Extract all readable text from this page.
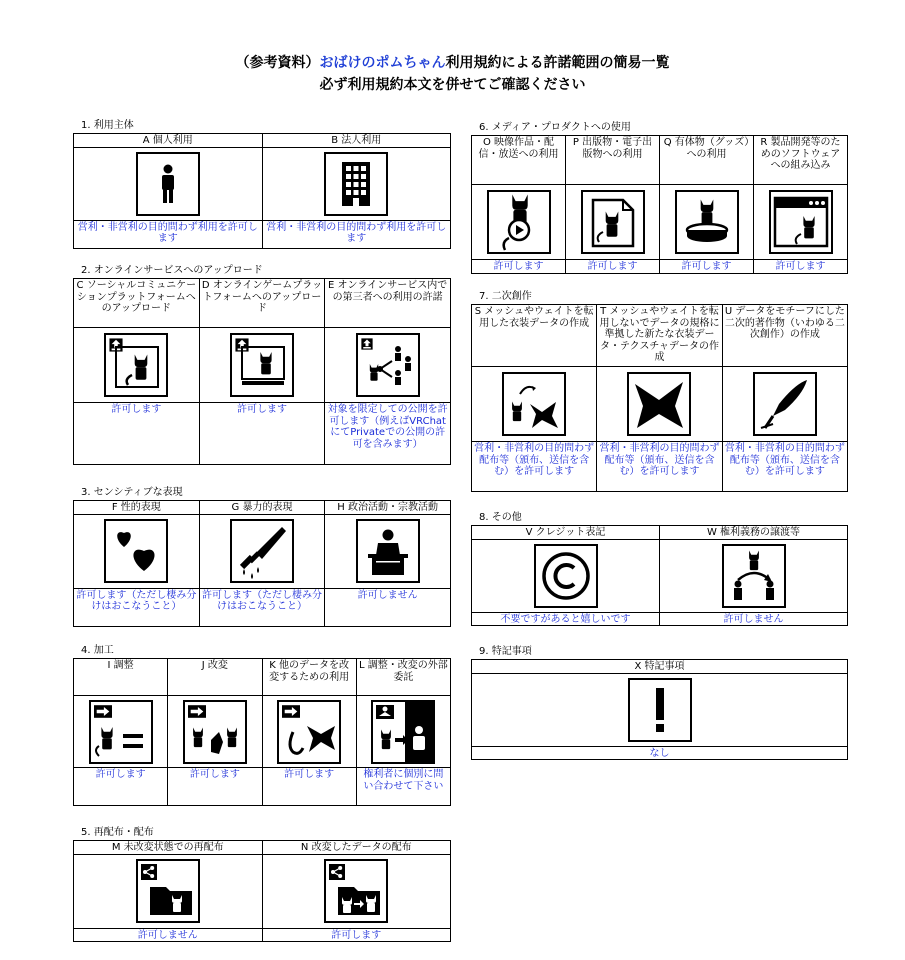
（参考資料）おばけのポムちゃん利用規約による許諾範囲の簡易一覧
必ず利用規約本文を併せてご確認ください
1. 利用主体
A 個人利用	B 法人利用

営利・非営利の目的問わず利用を許可します	営利・非営利の目的問わず利用を許可します
2. オンラインサービスへのアップロード
C ソーシャルコミュニケーションプラットフォームへのアップロード	D オンラインゲームプラットフォームへのアップロード	E オンラインサービス内での第三者への利用の許諾

許可します	許可します	対象を限定しての公開を許可します（例えばVRChatにてPrivateでの公開の許可を含みます）
3. センシティブな表現
F 性的表現	G 暴力的表現	H 政治活動・宗教活動

許可します（ただし棲み分けはおこなうこと）	許可します（ただし棲み分けはおこなうこと）	許可しません
4. 加工
I 調整	J 改変	K 他のデータを改変するための利用	L 調整・改変の外部委託

許可します	許可します	許可します	権利者に個別に問い合わせて下さい
5. 再配布・配布
M 未改変状態での再配布	N 改変したデータの配布

許可しません	許可します
6. メディア・プロダクトへの使用
O 映像作品・配信・放送への利用	P 出版物・電子出版物への利用	Q 有体物（グッズ）への利用	R 製品開発等のためのソフトウェアへの組み込み

許可します	許可します	許可します	許可します
7. 二次創作
S メッシュやウェイトを転用した衣装データの作成	T メッシュやウェイトを転用しないでデータの規格に準拠した新たな衣装データ・テクスチャデータの作成	U データをモチーフにした二次的著作物（いわゆる二次創作）の作成

営利・非営利の目的問わず配布等（頒布、送信を含む）を許可します	営利・非営利の目的問わず配布等（頒布、送信を含む）を許可します	営利・非営利の目的問わず配布等（頒布、送信を含む）を許可します
8. その他
V クレジット表記	W 権利義務の譲渡等

不要ですがあると嬉しいです	許可しません
9. 特記事項
X 特記事項

なし
